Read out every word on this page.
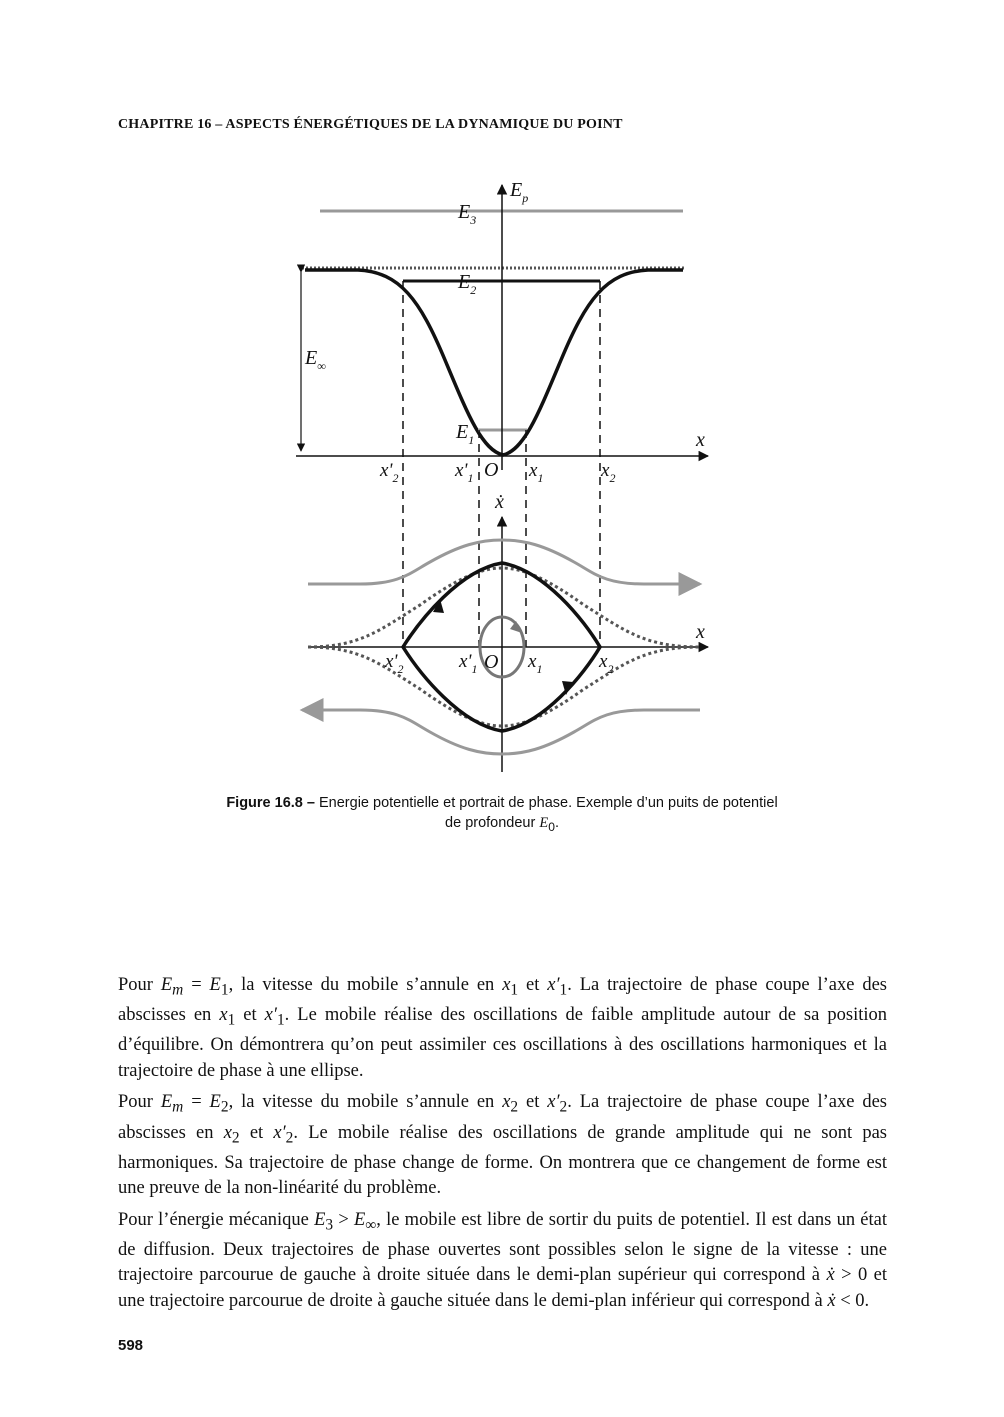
CHAPITRE 16 – ASPECTS ÉNERGÉTIQUES DE LA DYNAMIQUE DU POINT
$E_p$
x
O
$E_3$
$E_2$
$E_1$
$E_\infty$
$x'_2$	$x'_1$	$x_1$	$x_2$
ẋ
x
O
$x'_2$	$x'_1$	$x_1$	$x_2$
Figure 16.8 – Energie potentielle et portrait de phase. Exemple d’un puits de potentiel
de profondeur $E_0$.

Pour $E_m = E_1$, la vitesse du mobile s’annule en $x_1$ et $x'_1$. La trajectoire de phase coupe l’axe des abscisses en $x_1$ et $x'_1$. Le mobile réalise des oscillations de faible amplitude autour de sa position d’équilibre. On démontrera qu’on peut assimiler ces oscillations à des oscillations harmoniques et la trajectoire de phase à une ellipse.

Pour $E_m = E_2$, la vitesse du mobile s’annule en $x_2$ et $x'_2$. La trajectoire de phase coupe l’axe des abscisses en $x_2$ et $x'_2$. Le mobile réalise des oscillations de grande amplitude qui ne sont pas harmoniques. Sa trajectoire de phase change de forme. On montrera que ce changement de forme est une preuve de la non-linéarité du problème.

Pour l’énergie mécanique $E_3 > E_\infty$, le mobile est libre de sortir du puits de potentiel. Il est dans un état de diffusion. Deux trajectoires de phase ouvertes sont possibles selon le signe de la vitesse : une trajectoire parcourue de gauche à droite située dans le demi-plan supérieur qui correspond à ẋ > 0 et une trajectoire parcourue de droite à gauche située dans le demi-plan inférieur qui correspond à ẋ < 0.

598
